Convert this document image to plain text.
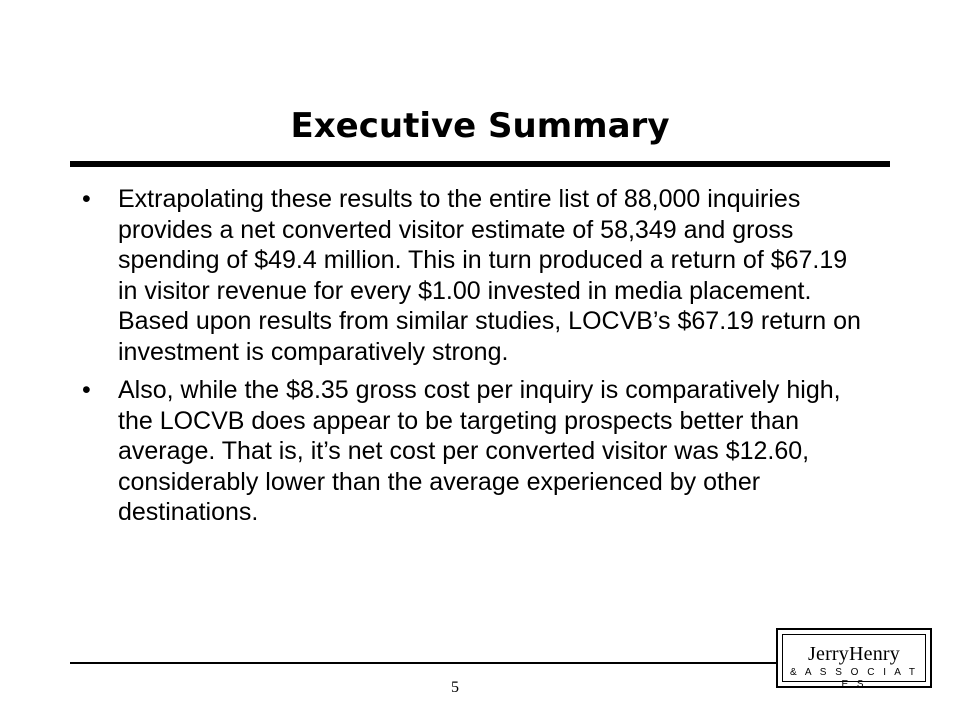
Executive Summary
•	Extrapolating these results to the entire list of 88,000 inquiries provides a net converted visitor estimate of 58,349 and gross spending of $49.4 million. This in turn produced a return of $67.19 in visitor revenue for every $1.00 invested in media placement. Based upon results from similar studies, LOCVB’s $67.19 return on investment is comparatively strong.
•	Also, while the $8.35 gross cost per inquiry is comparatively high, the LOCVB does appear to be targeting prospects better than average. That is, it’s net cost per converted visitor was $12.60, considerably lower than the average experienced by other destinations.
5
JerryHenry
& A S S O C I A T E S
